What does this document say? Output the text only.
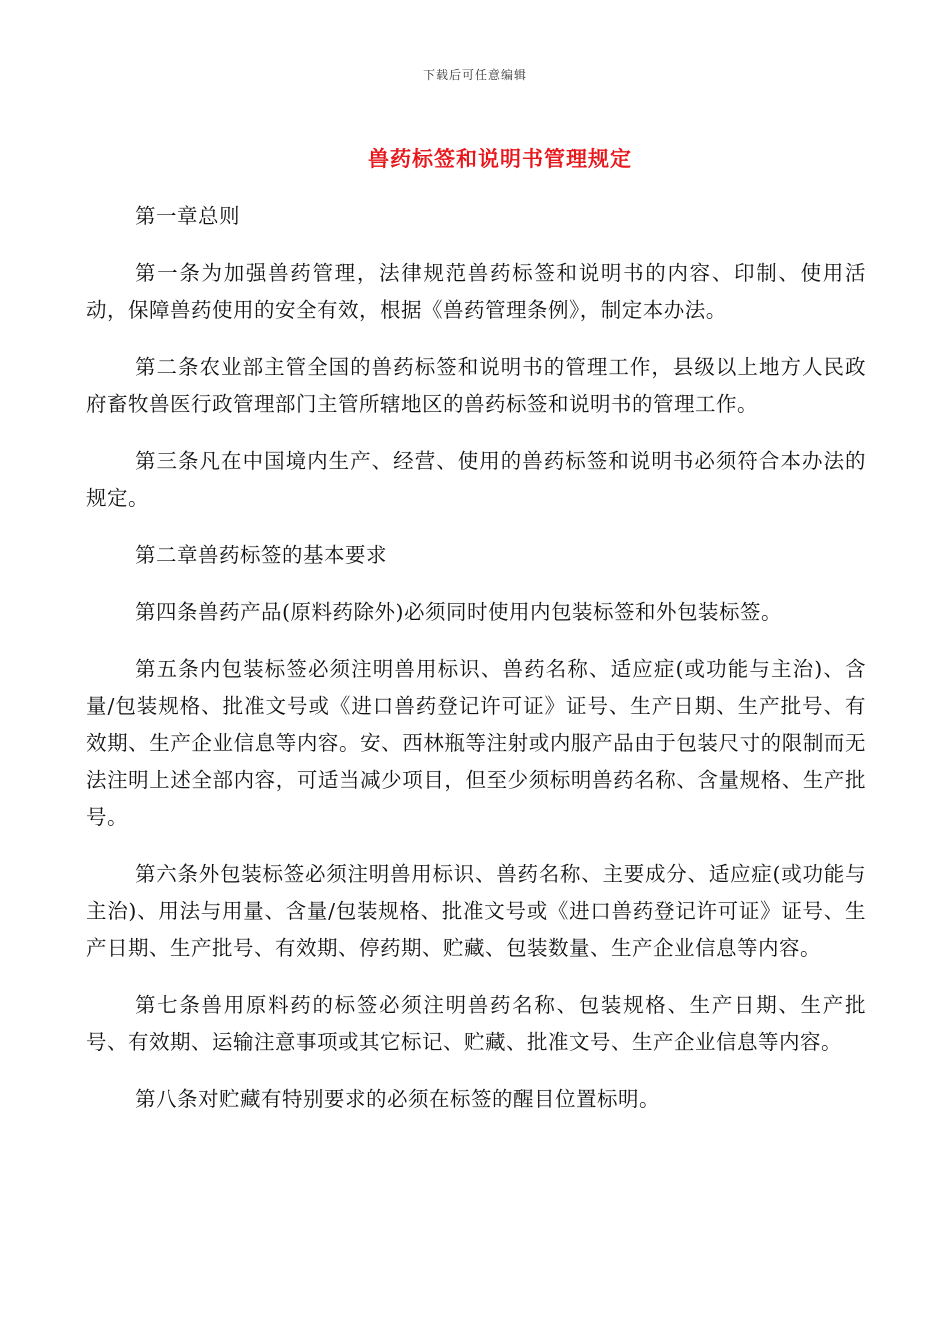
下载后可任意编辑
兽药标签和说明书管理规定

第一章总则

第一条为加强兽药管理，法律规范兽药标签和说明书的内容、印制、使用活动，保障兽药使用的安全有效，根据《兽药管理条例》，制定本办法。

第二条农业部主管全国的兽药标签和说明书的管理工作，县级以上地方人民政府畜牧兽医行政管理部门主管所辖地区的兽药标签和说明书的管理工作。

第三条凡在中国境内生产、经营、使用的兽药标签和说明书必须符合本办法的规定。

第二章兽药标签的基本要求

第四条兽药产品(原料药除外)必须同时使用内包装标签和外包装标签。

第五条内包装标签必须注明兽用标识、兽药名称、适应症(或功能与主治)、含量/包装规格、批准文号或《进口兽药登记许可证》证号、生产日期、生产批号、有效期、生产企业信息等内容。安、西林瓶等注射或内服产品由于包装尺寸的限制而无法注明上述全部内容，可适当减少项目，但至少须标明兽药名称、含量规格、生产批号。

第六条外包装标签必须注明兽用标识、兽药名称、主要成分、适应症(或功能与主治)、用法与用量、含量/包装规格、批准文号或《进口兽药登记许可证》证号、生产日期、生产批号、有效期、停药期、贮藏、包装数量、生产企业信息等内容。

第七条兽用原料药的标签必须注明兽药名称、包装规格、生产日期、生产批号、有效期、运输注意事项或其它标记、贮藏、批准文号、生产企业信息等内容。

第八条对贮藏有特别要求的必须在标签的醒目位置标明。
